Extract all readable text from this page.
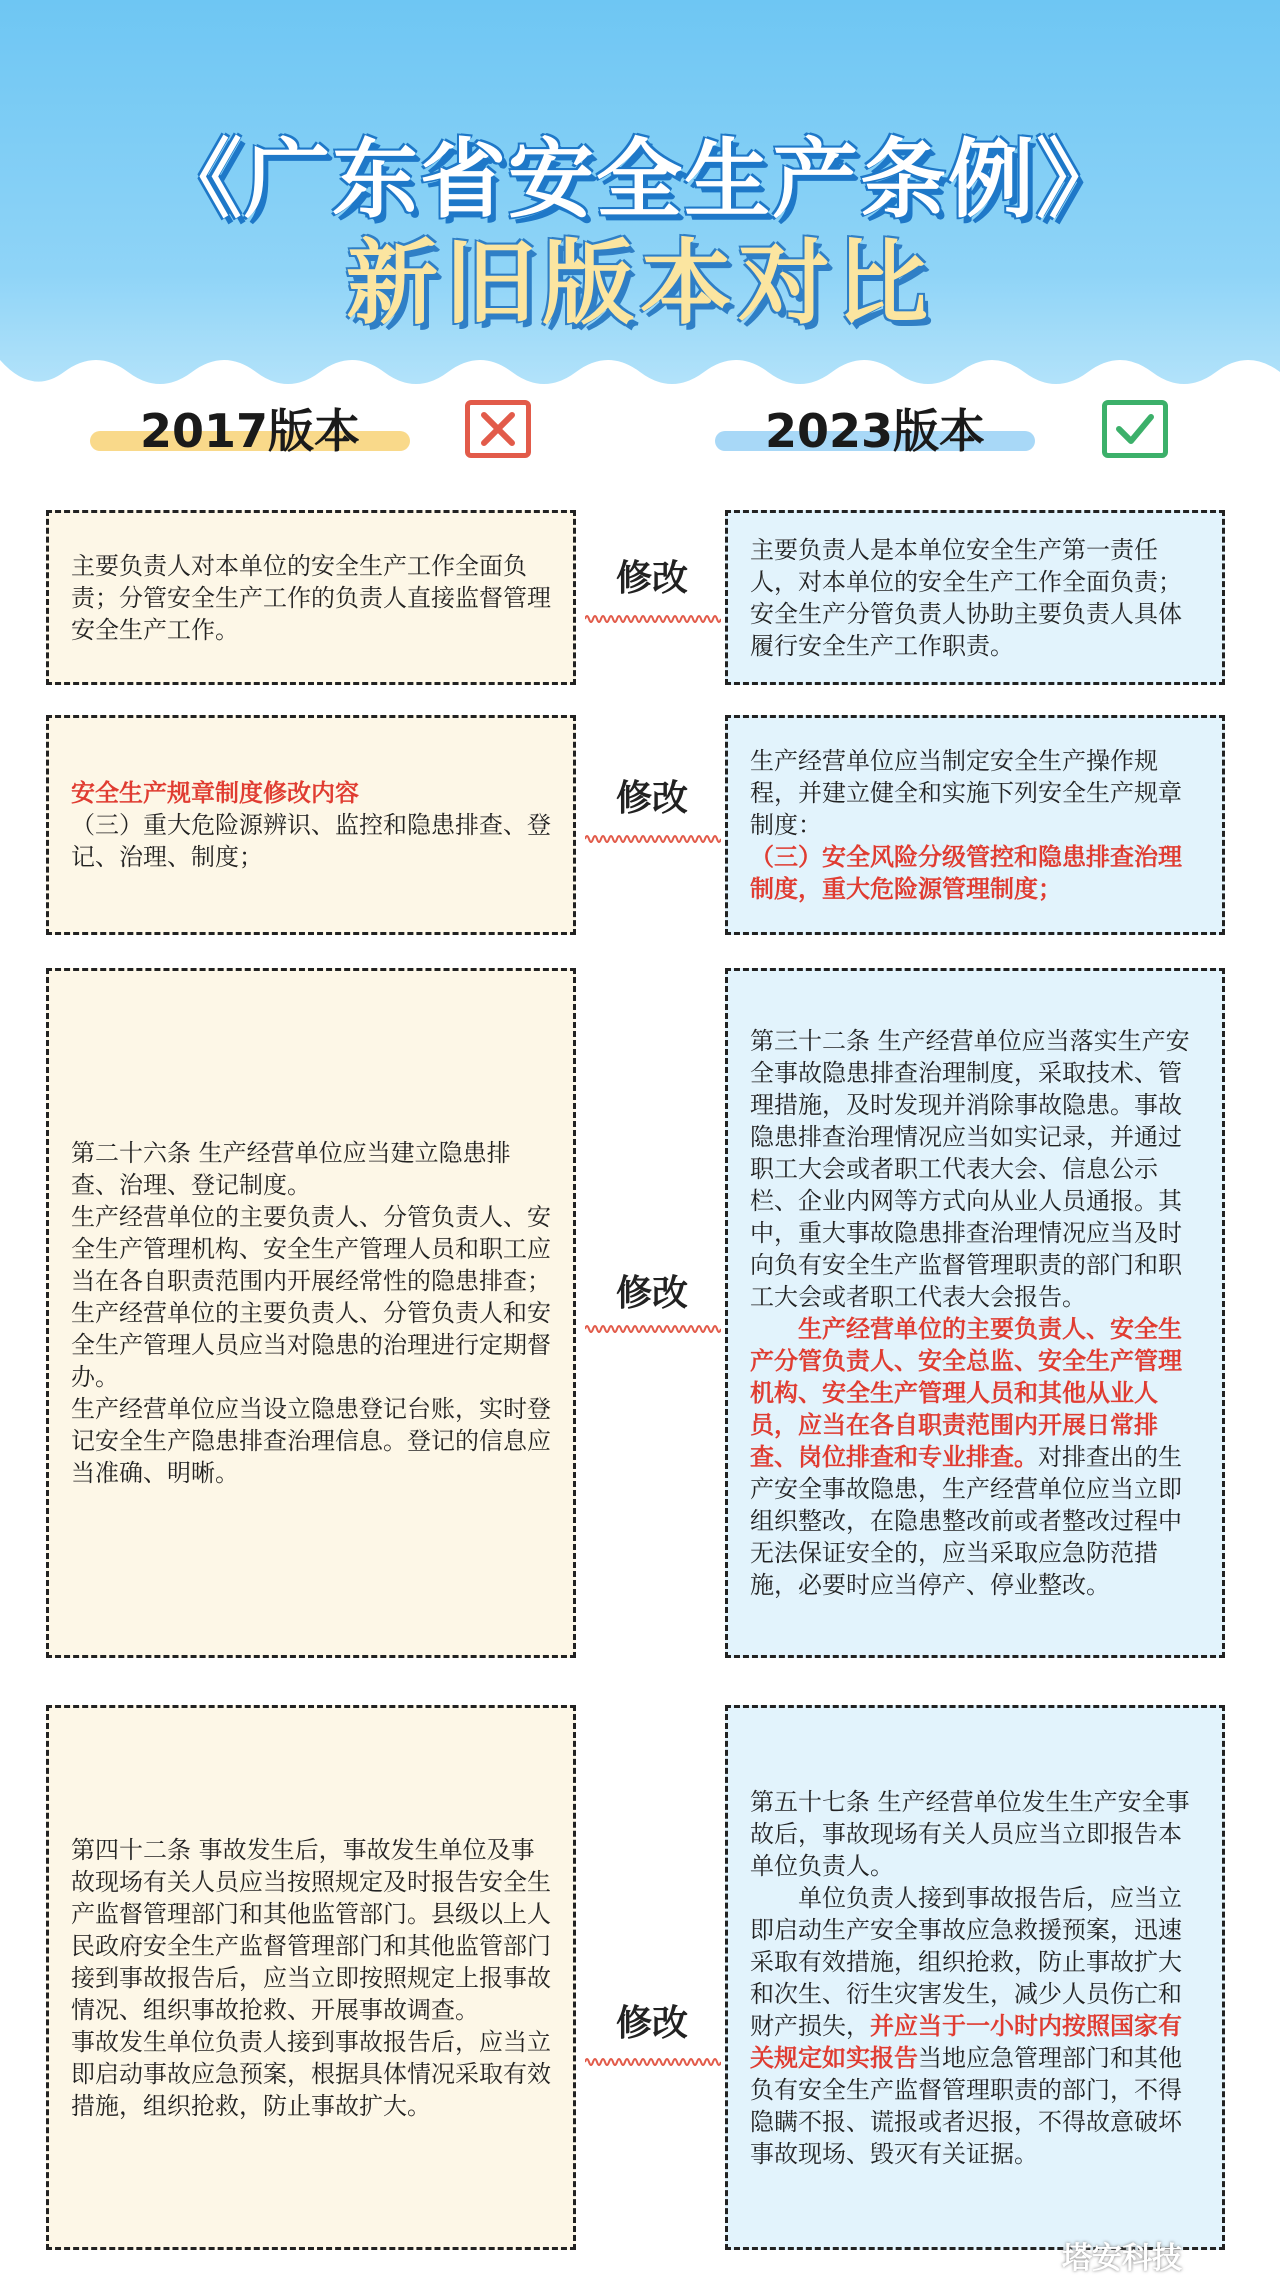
《广东省安全生产条例》
新旧版本对比
2017版本	2023版本
主要负责人对本单位的安全生产工作全面负责；分管安全生产工作的负责人直接监督管理安全生产工作。
主要负责人是本单位安全生产第一责任人，对本单位的安全生产工作全面负责；安全生产分管负责人协助主要负责人具体履行安全生产工作职责。
修改
安全生产规章制度修改内容
（三）重大危险源辨识、监控和隐患排查、登记、治理、制度；
生产经营单位应当制定安全生产操作规程，并建立健全和实施下列安全生产规章制度：
（三）安全风险分级管控和隐患排查治理制度，重大危险源管理制度；
修改
第二十六条 生产经营单位应当建立隐患排查、治理、登记制度。
生产经营单位的主要负责人、分管负责人、安全生产管理机构、安全生产管理人员和职工应当在各自职责范围内开展经常性的隐患排查；
生产经营单位的主要负责人、分管负责人和安全生产管理人员应当对隐患的治理进行定期督办。
生产经营单位应当设立隐患登记台账，实时登记安全生产隐患排查治理信息。登记的信息应当准确、明晰。
第三十二条 生产经营单位应当落实生产安全事故隐患排查治理制度，采取技术、管理措施，及时发现并消除事故隐患。事故隐患排查治理情况应当如实记录，并通过职工大会或者职工代表大会、信息公示栏、企业内网等方式向从业人员通报。其中，重大事故隐患排查治理情况应当及时向负有安全生产监督管理职责的部门和职工大会或者职工代表大会报告。
生产经营单位的主要负责人、安全生产分管负责人、安全总监、安全生产管理机构、安全生产管理人员和其他从业人员，应当在各自职责范围内开展日常排查、岗位排查和专业排查。对排查出的生产安全事故隐患，生产经营单位应当立即组织整改，在隐患整改前或者整改过程中无法保证安全的，应当采取应急防范措施，必要时应当停产、停业整改。
修改
第四十二条 事故发生后，事故发生单位及事故现场有关人员应当按照规定及时报告安全生产监督管理部门和其他监管部门。县级以上人民政府安全生产监督管理部门和其他监管部门接到事故报告后，应当立即按照规定上报事故情况、组织事故抢救、开展事故调查。
事故发生单位负责人接到事故报告后，应当立即启动事故应急预案，根据具体情况采取有效措施，组织抢救，防止事故扩大。
第五十七条 生产经营单位发生生产安全事故后，事故现场有关人员应当立即报告本单位负责人。
单位负责人接到事故报告后，应当立即启动生产安全事故应急救援预案，迅速采取有效措施，组织抢救，防止事故扩大和次生、衍生灾害发生，减少人员伤亡和财产损失，并应当于一小时内按照国家有关规定如实报告当地应急管理部门和其他负有安全生产监督管理职责的部门，不得隐瞒不报、谎报或者迟报，不得故意破坏事故现场、毁灭有关证据。
修改
塔安科技
